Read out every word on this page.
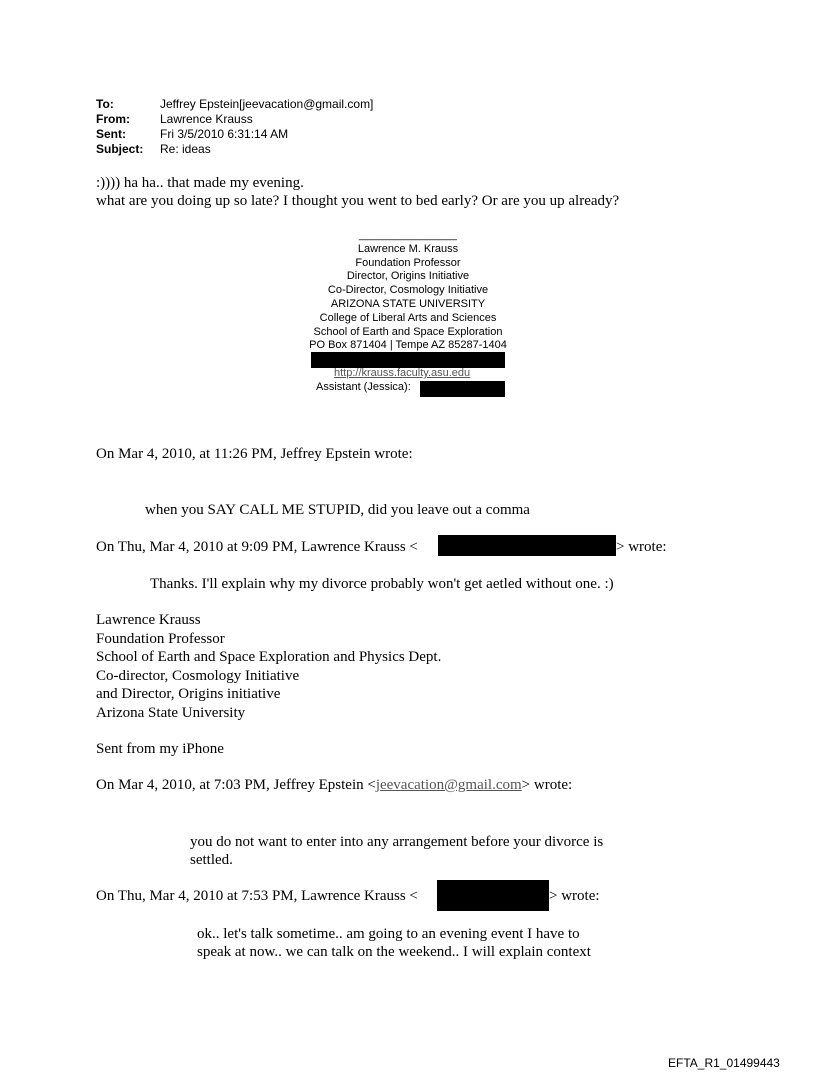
To:	Jeffrey Epstein[jeevacation@gmail.com]
From:	Lawrence Krauss
Sent:	Fri 3/5/2010 6:31:14 AM
Subject: Re: ideas
:)))) ha ha.. that made my evening.
what are you doing up so late? I thought you went to bed early? Or are you up already?
________________
Lawrence M. Krauss
Foundation Professor
Director, Origins Initiative
Co-Director, Cosmology Initiative
ARIZONA STATE UNIVERSITY
College of Liberal Arts and Sciences
School of Earth and Space Exploration
PO Box 871404 | Tempe AZ 85287-1404
http://krauss.faculty.asu.edu
Assistant (Jessica):
On Mar 4, 2010, at 11:26 PM, Jeffrey Epstein wrote:
when you SAY CALL ME STUPID, did you leave out a comma
On Thu, Mar 4, 2010 at 9:09 PM, Lawrence Krauss <	> wrote:
Thanks. I'll explain why my divorce probably won't get aetled without one. :)
Lawrence Krauss
Foundation Professor
School of Earth and Space Exploration and Physics Dept.
Co-director, Cosmology Initiative
and Director, Origins initiative
Arizona State University
Sent from my iPhone
On Mar 4, 2010, at 7:03 PM, Jeffrey Epstein <jeevacation@gmail.com> wrote:
you do not want to enter into any arrangement before your divorce is
settled.
On Thu, Mar 4, 2010 at 7:53 PM, Lawrence Krauss <	> wrote:
ok.. let's talk sometime.. am going to an evening event I have to
speak at now.. we can talk on the weekend.. I will explain context
EFTA_R1_01499443
